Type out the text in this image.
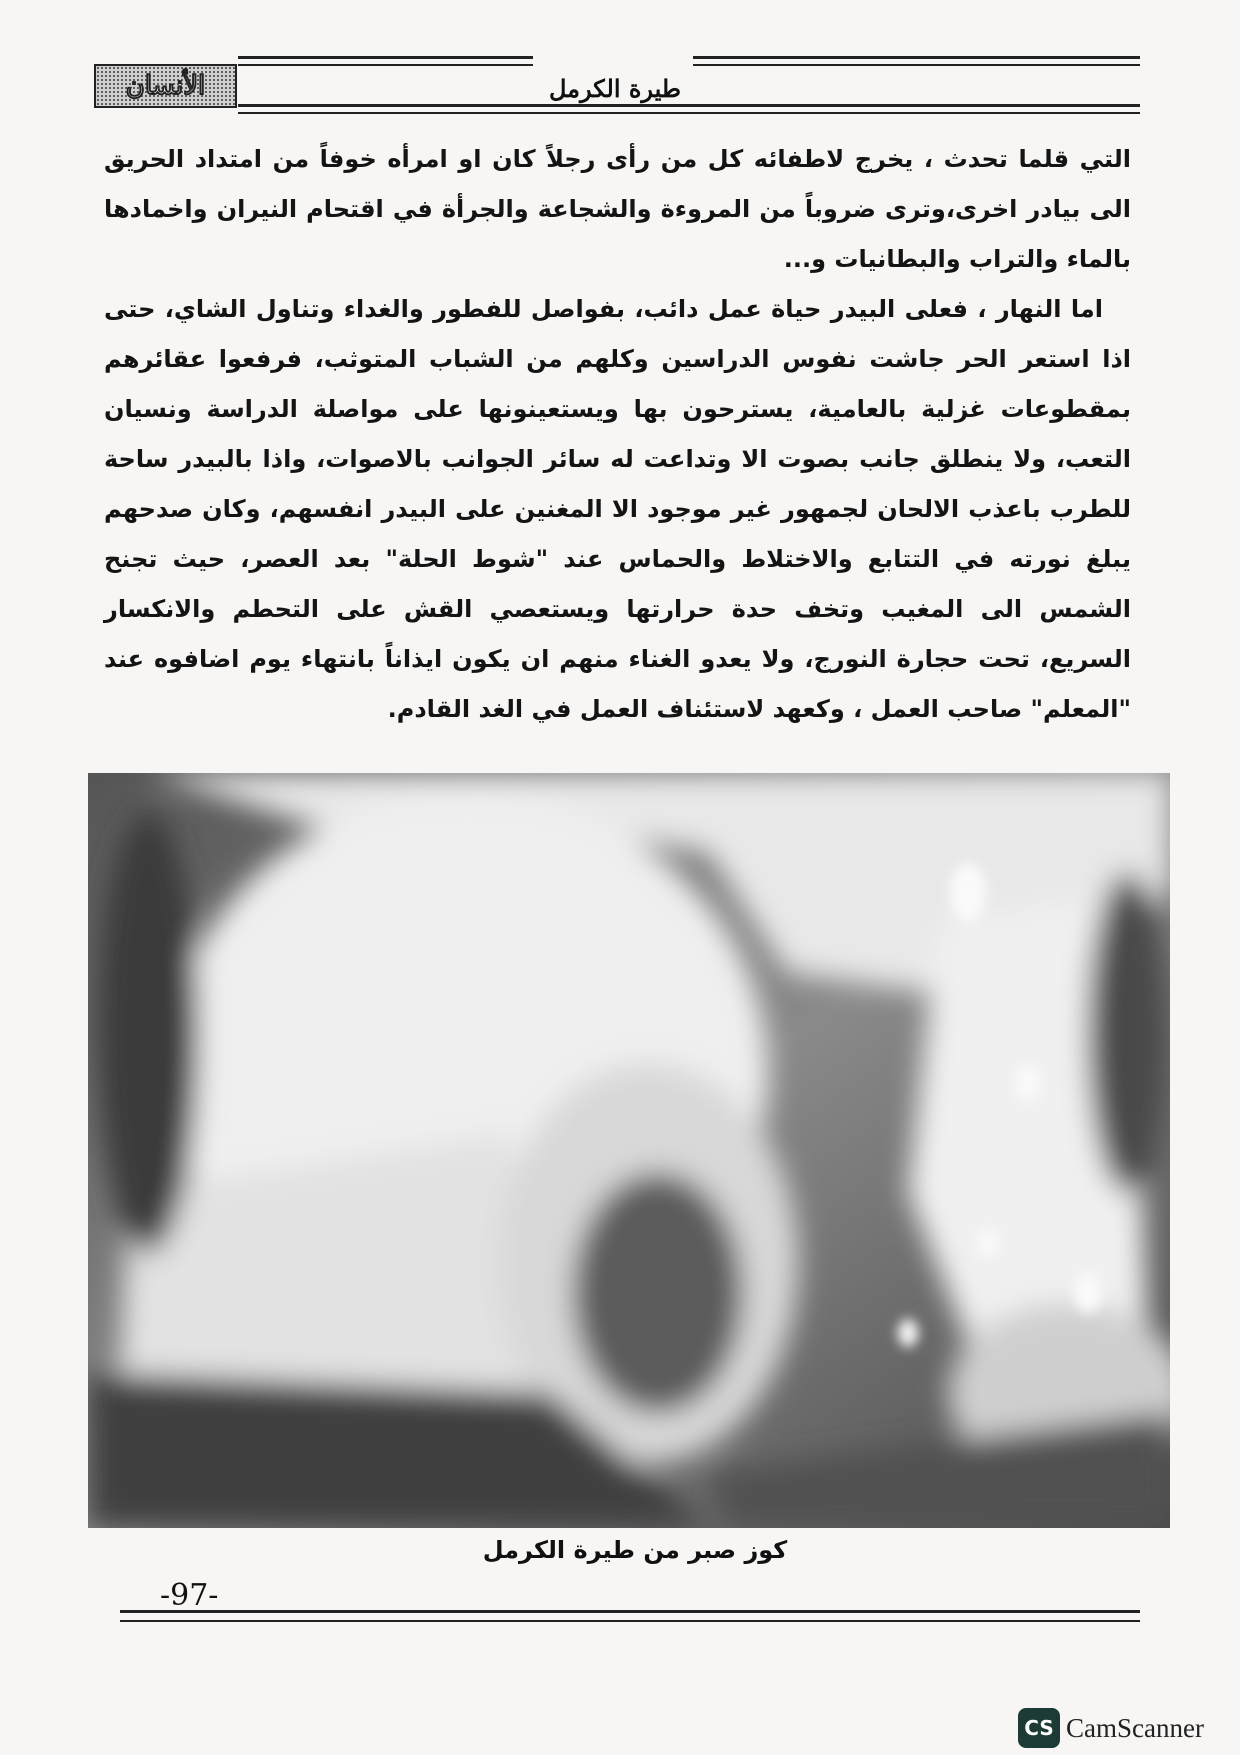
الأنسان	طيرة الكرمل

التي قلما تحدث ، يخرج لاطفائه كل من رأى رجلاً كان او امرأه خوفاً من امتداد الحريق الى بيادر اخرى،وترى ضروباً من المروءة والشجاعة والجرأة في اقتحام النيران واخمادها بالماء والتراب والبطانيات و...

اما النهار ، فعلى البيدر حياة عمل دائب، بفواصل للفطور والغداء وتناول الشاي، حتى اذا استعر الحر جاشت نفوس الدراسين وكلهم من الشباب المتوثب، فرفعوا عقائرهم بمقطوعات غزلية بالعامية، يسترحون بها ويستعينونها على مواصلة الدراسة ونسيان التعب، ولا ينطلق جانب بصوت الا وتداعت له سائر الجوانب بالاصوات، واذا بالبيدر ساحة للطرب باعذب الالحان لجمهور غير موجود الا المغنين على البيدر انفسهم، وكان صدحهم يبلغ نورته في التتابع والاختلاط والحماس عند "شوط الحلة" بعد العصر، حيث تجنح الشمس الى المغيب وتخف حدة حرارتها ويستعصي القش على التحطم والانكسار السريع، تحت حجارة النورج، ولا يعدو الغناء منهم ان يكون ايذاناً بانتهاء يوم اضافوه عند "المعلم" صاحب العمل ، وكعهد لاستئناف العمل في الغد القادم.

كوز صبر من طيرة الكرمل
-97-
CS CamScanner
